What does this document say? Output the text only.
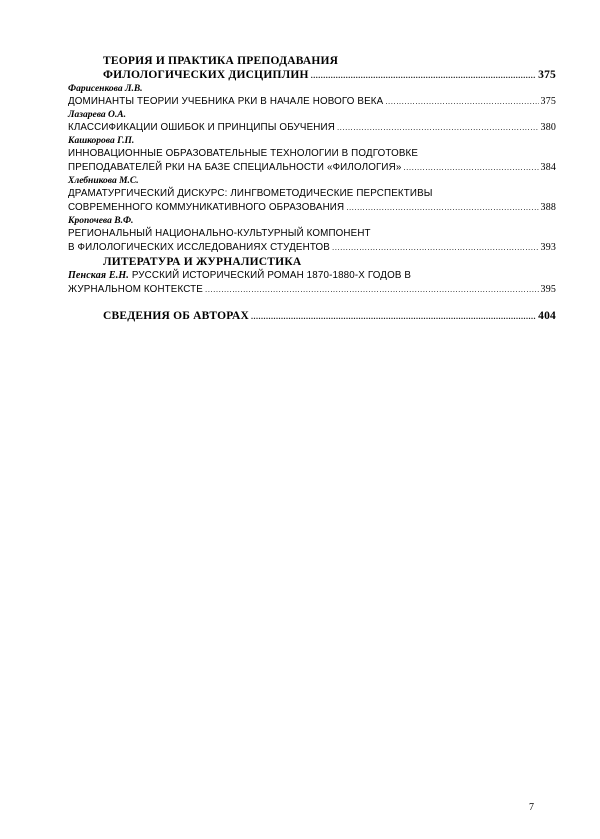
ТЕОРИЯ И ПРАКТИКА ПРЕПОДАВАНИЯ
ФИЛОЛОГИЧЕСКИХ ДИСЦИПЛИН .....	375
Фарисенкова Л.В.
ДОМИНАНТЫ ТЕОРИИ УЧЕБНИКА РКИ В НАЧАЛЕ НОВОГО ВЕКА .....	375
Лазарева О.А.
КЛАССИФИКАЦИИ ОШИБОК И ПРИНЦИПЫ ОБУЧЕНИЯ .....	380
Кашкорова Г.П.
ИННОВАЦИОННЫЕ ОБРАЗОВАТЕЛЬНЫЕ ТЕХНОЛОГИИ В ПОДГОТОВКЕ
ПРЕПОДАВАТЕЛЕЙ РКИ НА БАЗЕ СПЕЦИАЛЬНОСТИ «ФИЛОЛОГИЯ» .....	384
Хлебникова М.С.
ДРАМАТУРГИЧЕСКИЙ ДИСКУРС: ЛИНГВОМЕТОДИЧЕСКИЕ ПЕРСПЕКТИВЫ
СОВРЕМЕННОГО КОММУНИКАТИВНОГО ОБРАЗОВАНИЯ .....	388
Кропочева В.Ф.
РЕГИОНАЛЬНЫЙ НАЦИОНАЛЬНО-КУЛЬТУРНЫЙ КОМПОНЕНТ
В ФИЛОЛОГИЧЕСКИХ ИССЛЕДОВАНИЯХ СТУДЕНТОВ .....	393
ЛИТЕРАТУРА И ЖУРНАЛИСТИКА
Пенская Е.Н. РУССКИЙ ИСТОРИЧЕСКИЙ РОМАН 1870-1880-Х ГОДОВ В
ЖУРНАЛЬНОМ КОНТЕКСТЕ .....	395
СВЕДЕНИЯ ОБ АВТОРАХ .....	404
7
